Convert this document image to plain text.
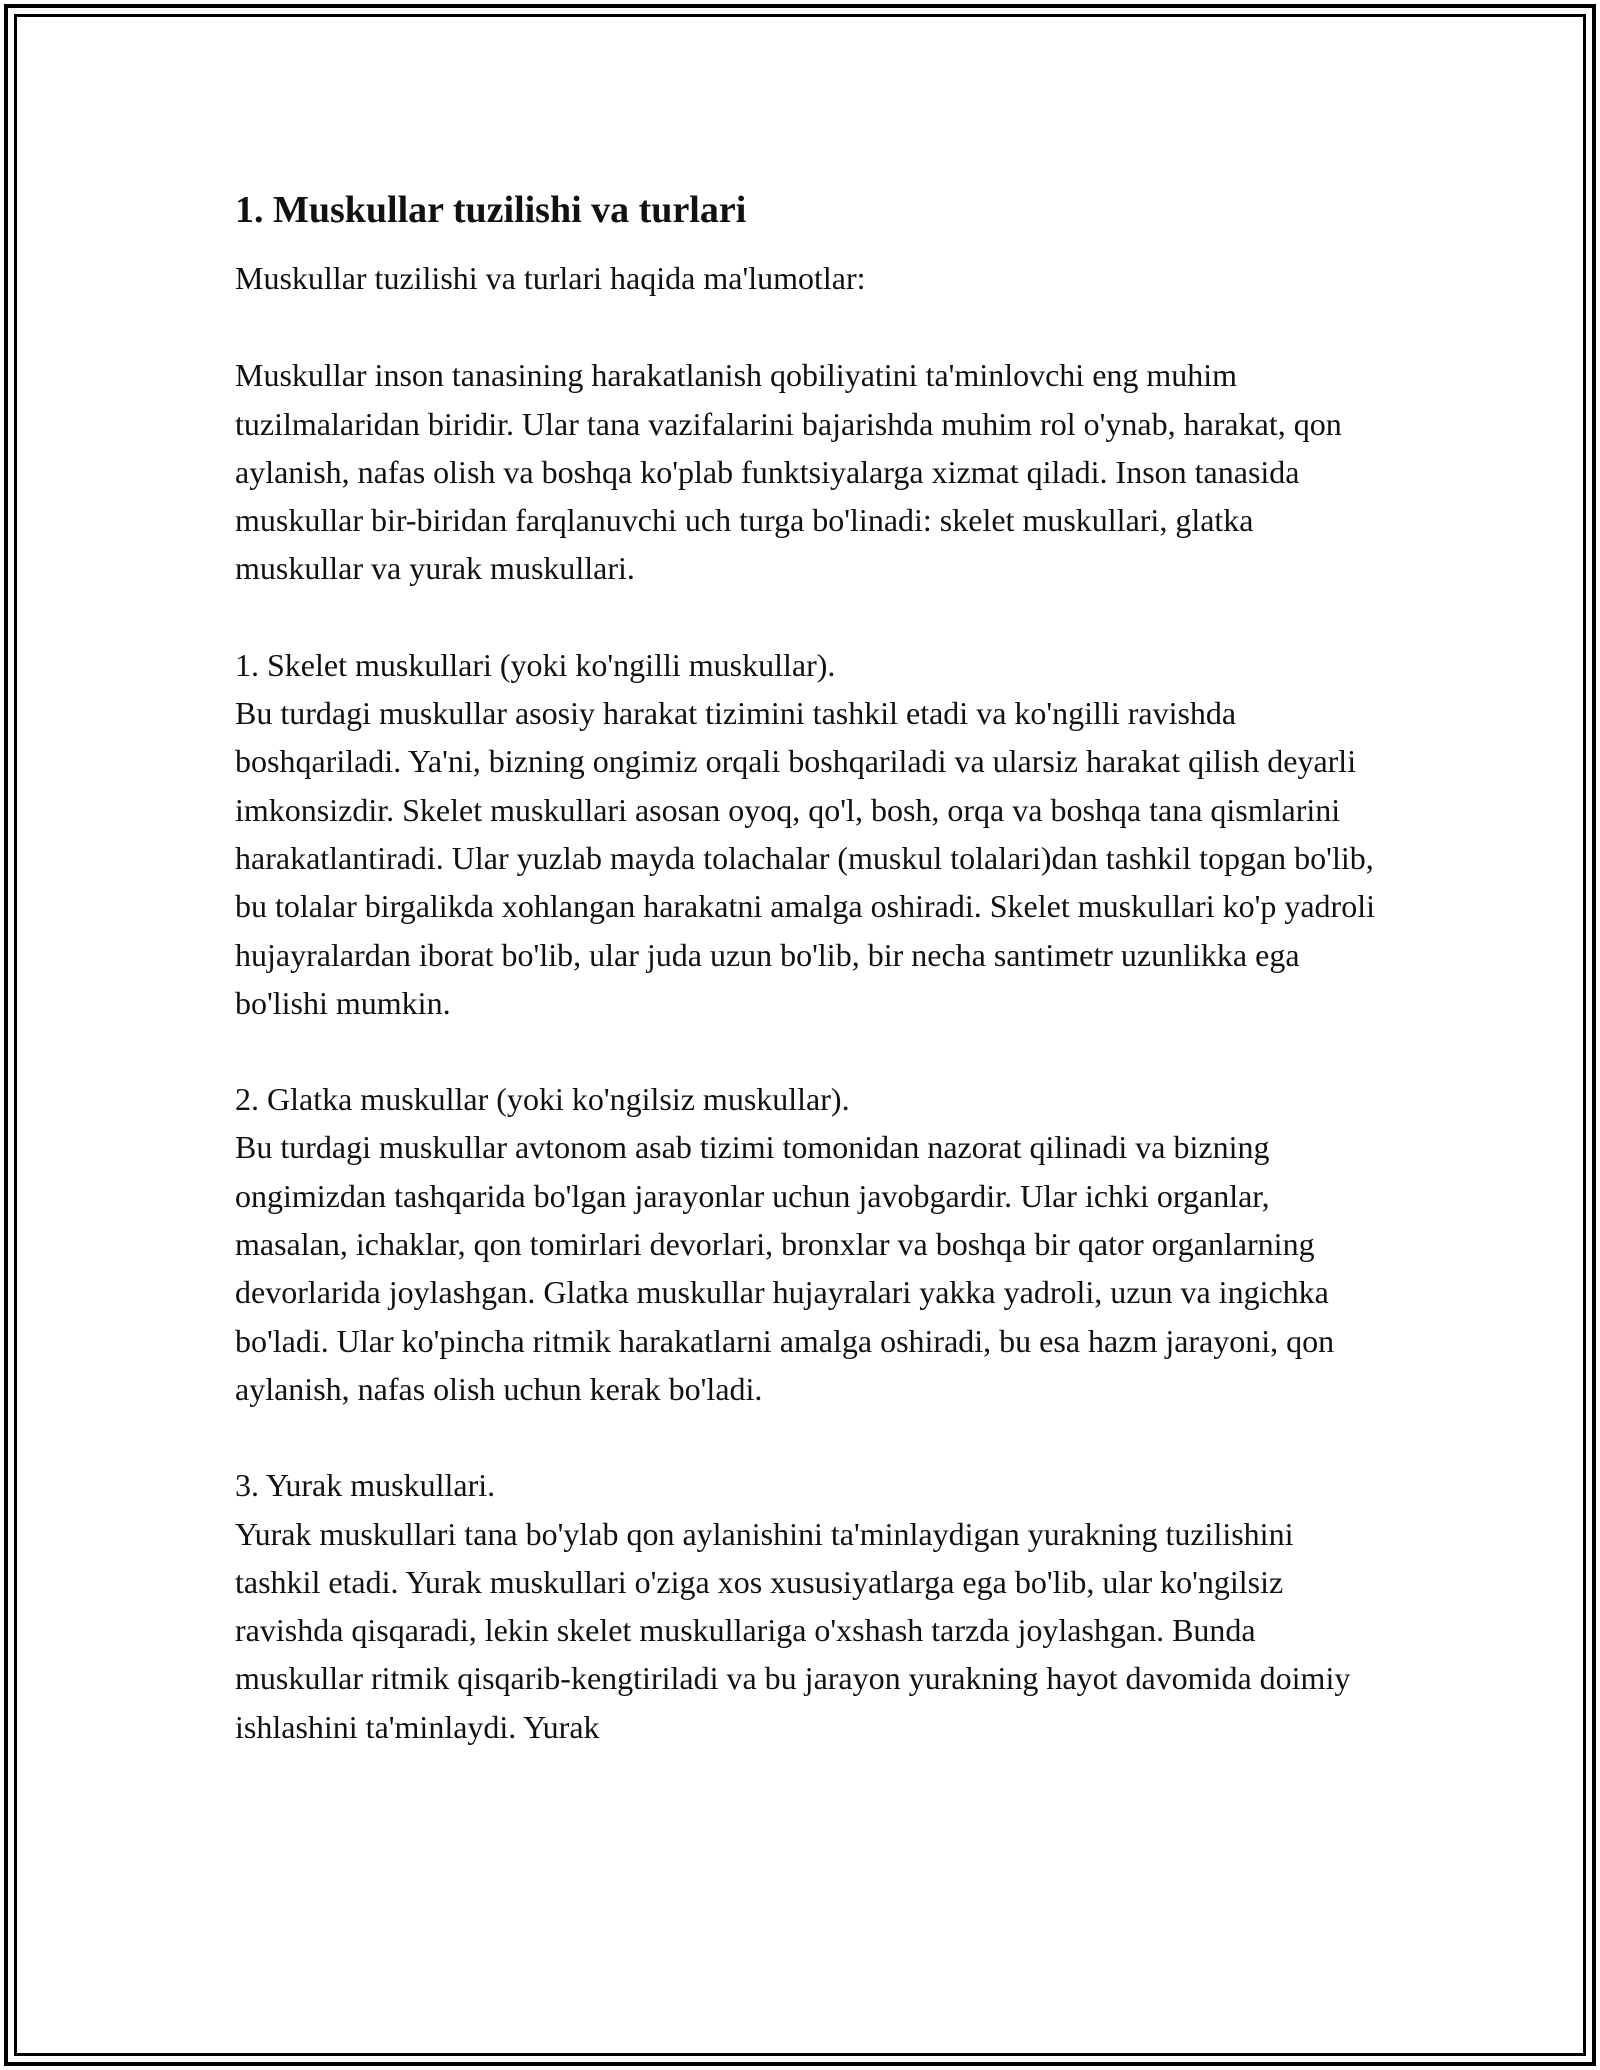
1. Muskullar tuzilishi va turlari

Muskullar tuzilishi va turlari haqida ma'lumotlar:

Muskullar inson tanasining harakatlanish qobiliyatini ta'minlovchi eng muhim tuzilmalaridan biridir. Ular tana vazifalarini bajarishda muhim rol o'ynab, harakat, qon aylanish, nafas olish va boshqa ko'plab funktsiyalarga xizmat qiladi. Inson tanasida muskullar bir-biridan farqlanuvchi uch turga bo'linadi: skelet muskullari, glatka muskullar va yurak muskullari.

1. Skelet muskullari (yoki ko'ngilli muskullar).

Bu turdagi muskullar asosiy harakat tizimini tashkil etadi va ko'ngilli ravishda boshqariladi. Ya'ni, bizning ongimiz orqali boshqariladi va ularsiz harakat qilish deyarli imkonsizdir. Skelet muskullari asosan oyoq, qo'l, bosh, orqa va boshqa tana qismlarini harakatlantiradi. Ular yuzlab mayda tolachalar (muskul tolalari)dan tashkil topgan bo'lib, bu tolalar birgalikda xohlangan harakatni amalga oshiradi. Skelet muskullari ko'p yadroli hujayralardan iborat bo'lib, ular juda uzun bo'lib, bir necha santimetr uzunlikka ega bo'lishi mumkin.

2. Glatka muskullar (yoki ko'ngilsiz muskullar).

Bu turdagi muskullar avtonom asab tizimi tomonidan nazorat qilinadi va bizning ongimizdan tashqarida bo'lgan jarayonlar uchun javobgardir. Ular ichki organlar, masalan, ichaklar, qon tomirlari devorlari, bronxlar va boshqa bir qator organlarning devorlarida joylashgan. Glatka muskullar hujayralari yakka yadroli, uzun va ingichka bo'ladi. Ular ko'pincha ritmik harakatlarni amalga oshiradi, bu esa hazm jarayoni, qon aylanish, nafas olish uchun kerak bo'ladi.

3. Yurak muskullari.

Yurak muskullari tana bo'ylab qon aylanishini ta'minlaydigan yurakning tuzilishini tashkil etadi. Yurak muskullari o'ziga xos xususiyatlarga ega bo'lib, ular ko'ngilsiz ravishda qisqaradi, lekin skelet muskullariga o'xshash tarzda joylashgan. Bunda muskullar ritmik qisqarib-kengtiriladi va bu jarayon yurakning hayot davomida doimiy ishlashini ta'minlaydi. Yurak
